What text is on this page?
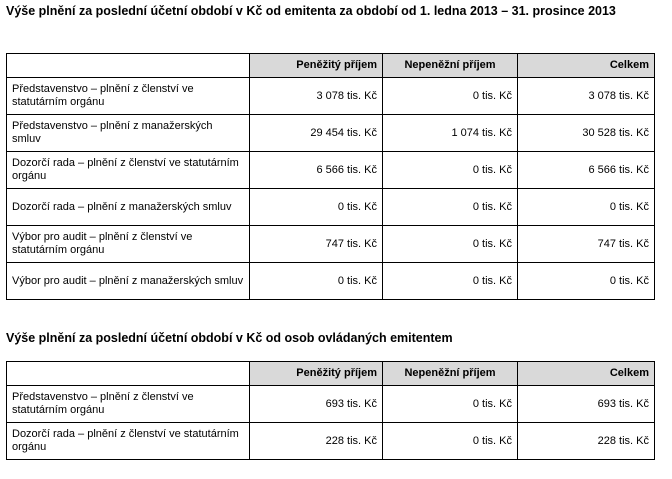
Výše plnění za poslední účetní období v Kč od emitenta za období od 1. ledna 2013 – 31. prosince 2013
	Peněžitý příjem	Nepeněžní příjem	Celkem
Představenstvo – plnění z členství ve statutárním orgánu	3 078 tis. Kč	0 tis. Kč	3 078 tis. Kč
Představenstvo – plnění z manažerských smluv	29 454 tis. Kč	1 074 tis. Kč	30 528 tis. Kč
Dozorčí rada – plnění z členství ve statutárním orgánu	6 566 tis. Kč	0 tis. Kč	6 566 tis. Kč
Dozorčí rada – plnění z manažerských smluv	0 tis. Kč	0 tis. Kč	0 tis. Kč
Výbor pro audit – plnění z členství ve statutárním orgánu	747 tis. Kč	0 tis. Kč	747 tis. Kč
Výbor pro audit – plnění z manažerských smluv	0 tis. Kč	0 tis. Kč	0 tis. Kč
Výše plnění za poslední účetní období v Kč od osob ovládaných emitentem
	Peněžitý příjem	Nepeněžní příjem	Celkem
Představenstvo – plnění z členství ve statutárním orgánu	693 tis. Kč	0 tis. Kč	693 tis. Kč
Dozorčí rada – plnění z členství ve statutárním orgánu	228 tis. Kč	0 tis. Kč	228 tis. Kč
